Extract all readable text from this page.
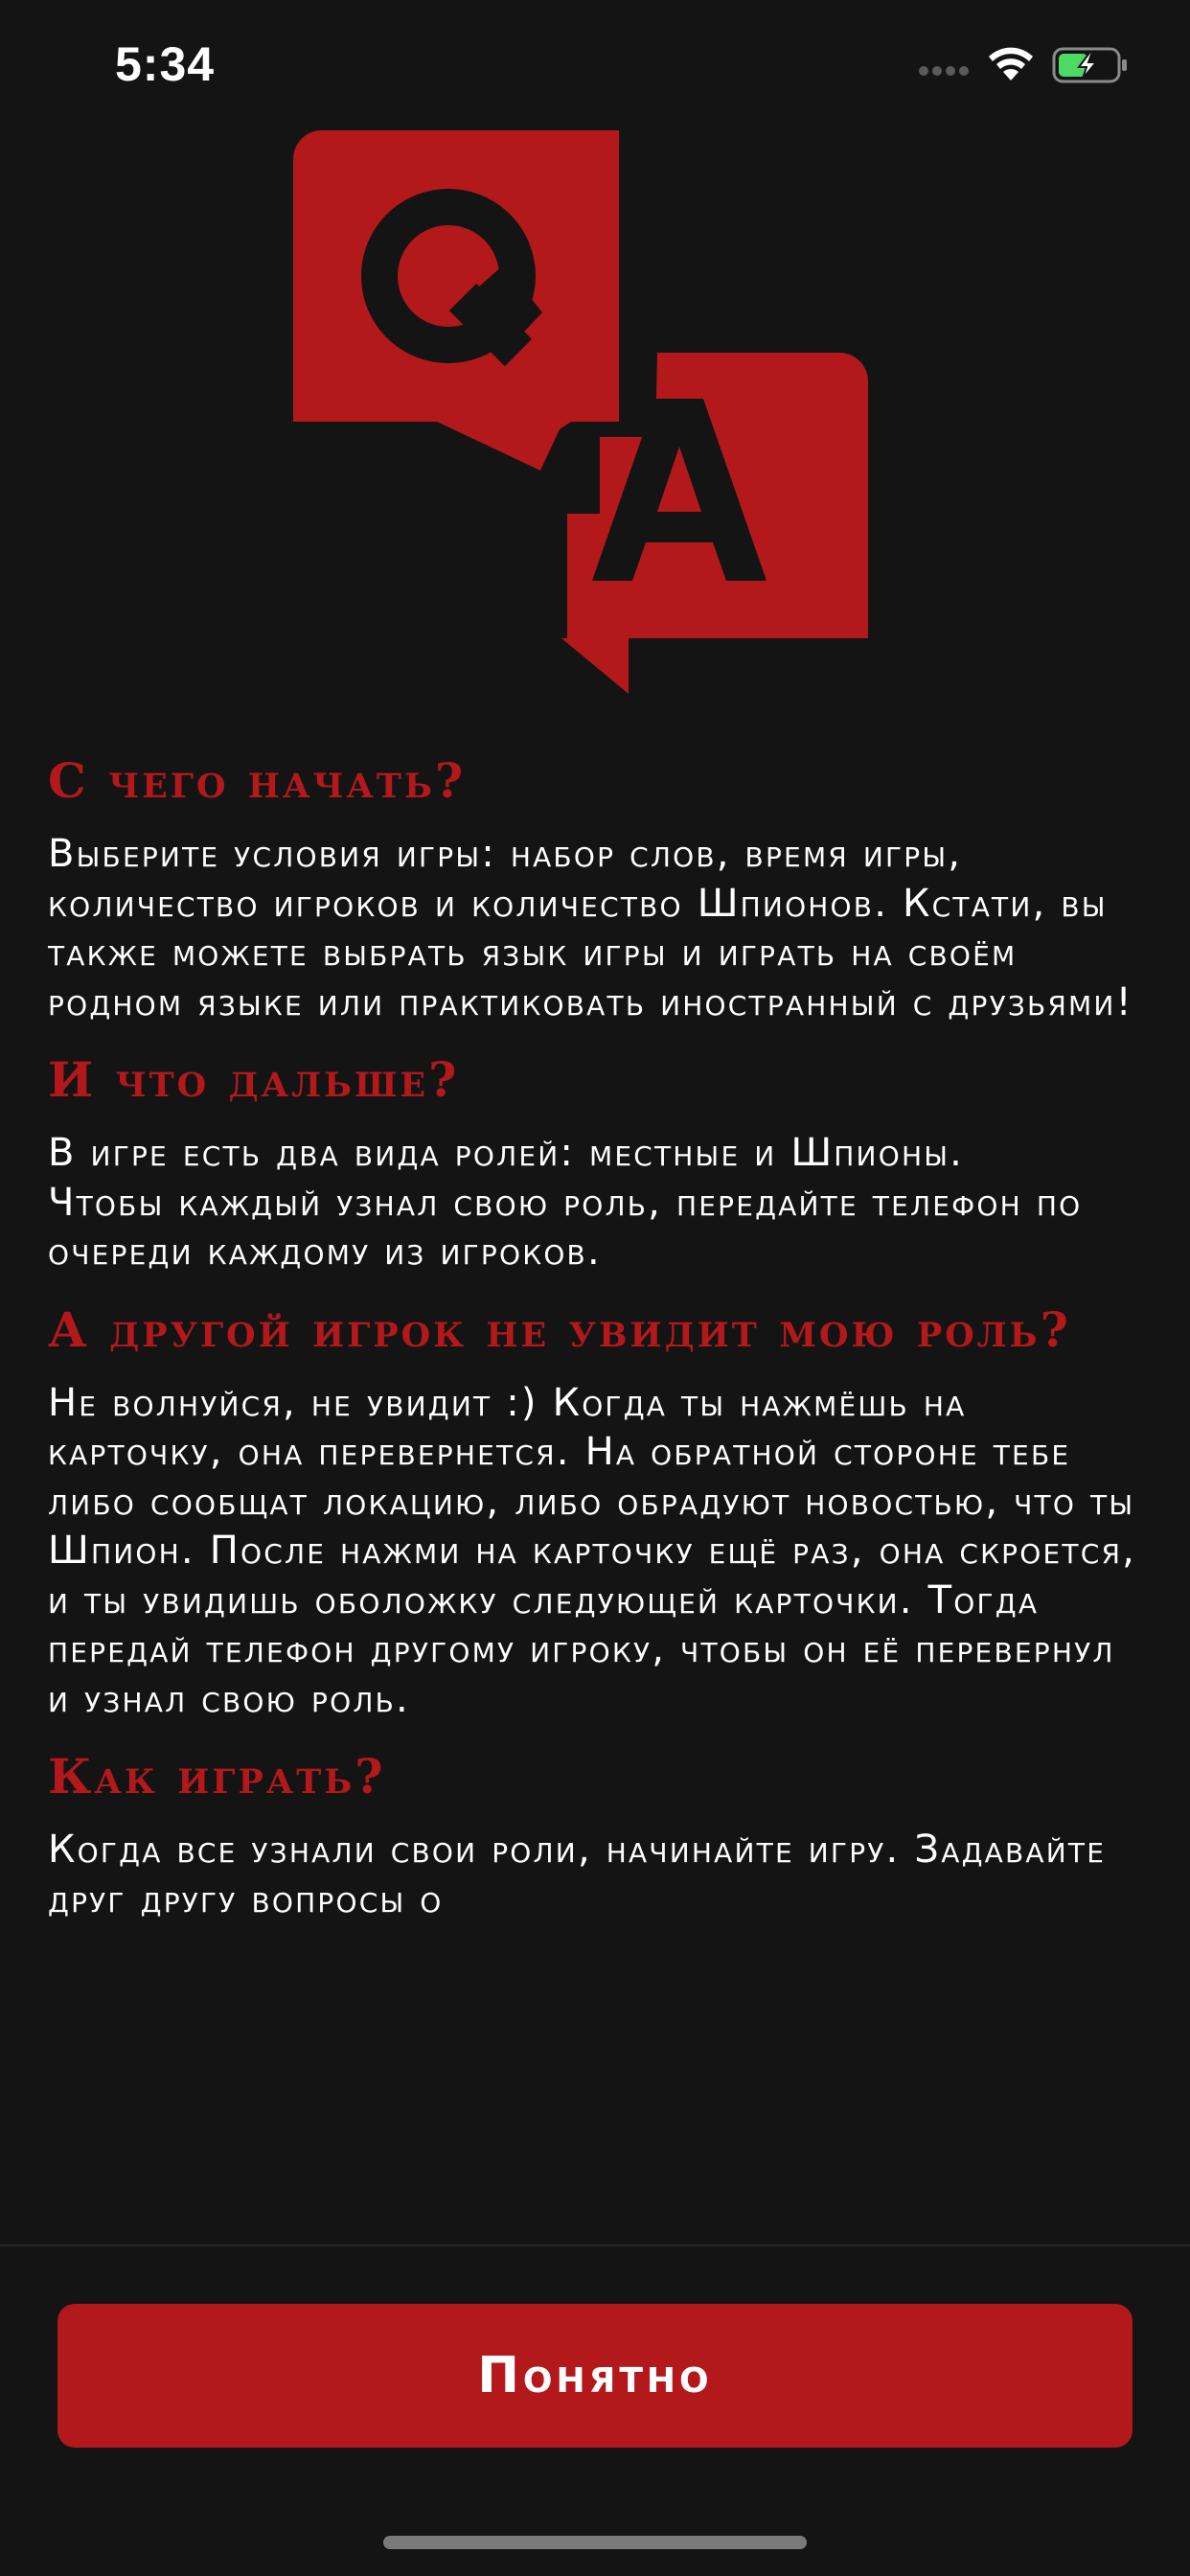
5:34
С чего начать?

Выберите условия игры: набор слов, время игры, количество игроков и количество Шпионов. Кстати, вы также можете выбрать язык игры и играть на своём родном языке или практиковать иностранный с друзьями!

И что дальше?

В игре есть два вида ролей: местные и Шпионы.
Чтобы каждый узнал свою роль, передайте телефон по очереди каждому из игроков.

А другой игрок не увидит мою роль?

Не волнуйся, не увидит :) Когда ты нажмёшь на карточку, она перевернется. На обратной стороне тебе либо сообщат локацию, либо обрадуют новостью, что ты Шпион. После нажми на карточку ещё раз, она скроется, и ты увидишь оболожку следующей карточки. Тогда передай телефон другому игроку, чтобы он её перевернул и узнал свою роль.

Как играть?

Когда все узнали свои роли, начинайте игру. Задавайте друг другу вопросы о

Понятно
